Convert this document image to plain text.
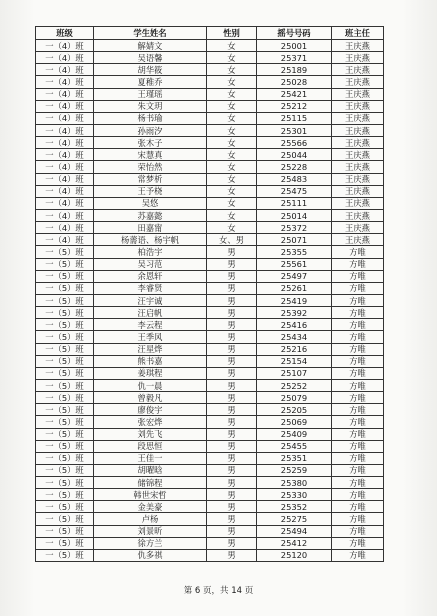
班级	学生姓名	性别	摇号号码	班主任
一（4）班	解婧文	女	25001	王庆燕
一（4）班	吴语馨	女	25371	王庆燕
一（4）班	胡华筱	女	25189	王庆燕
一（4）班	夏稚乔	女	25028	王庆燕
一（4）班	王瑾瑶	女	25421	王庆燕
一（4）班	朱文玥	女	25212	王庆燕
一（4）班	杨书瑜	女	25115	王庆燕
一（4）班	孙雨汐	女	25301	王庆燕
一（4）班	张木子	女	25566	王庆燕
一（4）班	宋慧真	女	25044	王庆燕
一（4）班	荣怡然	女	25228	王庆燕
一（4）班	常梦析	女	25483	王庆燕
一（4）班	王予桡	女	25475	王庆燕
一（4）班	吴悠	女	25111	王庆燕
一（4）班	苏嘉懿	女	25014	王庆燕
一（4）班	田嘉甯	女	25372	王庆燕
一（4）班	杨薷语、杨宇帆	女、男	25071	王庆燕
一（5）班	柏浩宇	男	25355	方唯
一（5）班	吴习范	男	25561	方唯
一（5）班	余恩轩	男	25497	方唯
一（5）班	李睿贤	男	25261	方唯
一（5）班	汪宇诚	男	25419	方唯
一（5）班	汪启帆	男	25392	方唯
一（5）班	李云程	男	25416	方唯
一（5）班	王季风	男	25434	方唯
一（5）班	汪星烨	男	25216	方唯
一（5）班	熊书嘉	男	25154	方唯
一（5）班	姜琪程	男	25107	方唯
一（5）班	仇一晨	男	25252	方唯
一（5）班	曾毅凡	男	25079	方唯
一（5）班	廖俊宇	男	25205	方唯
一（5）班	张宏烨	男	25069	方唯
一（5）班	刘先飞	男	25409	方唯
一（5）班	段思恒	男	25455	方唯
一（5）班	王佳一	男	25351	方唯
一（5）班	胡曜晗	男	25259	方唯
一（5）班	储锦程	男	25380	方唯
一（5）班	韩世宋哲	男	25330	方唯
一（5）班	金美豪	男	25352	方唯
一（5）班	卢杨	男	25275	方唯
一（5）班	刘景昕	男	25494	方唯
一（5）班	徐方兰	男	25412	方唯
一（5）班	仇多祺	男	25120	方唯
第 6 页，共 14 页
